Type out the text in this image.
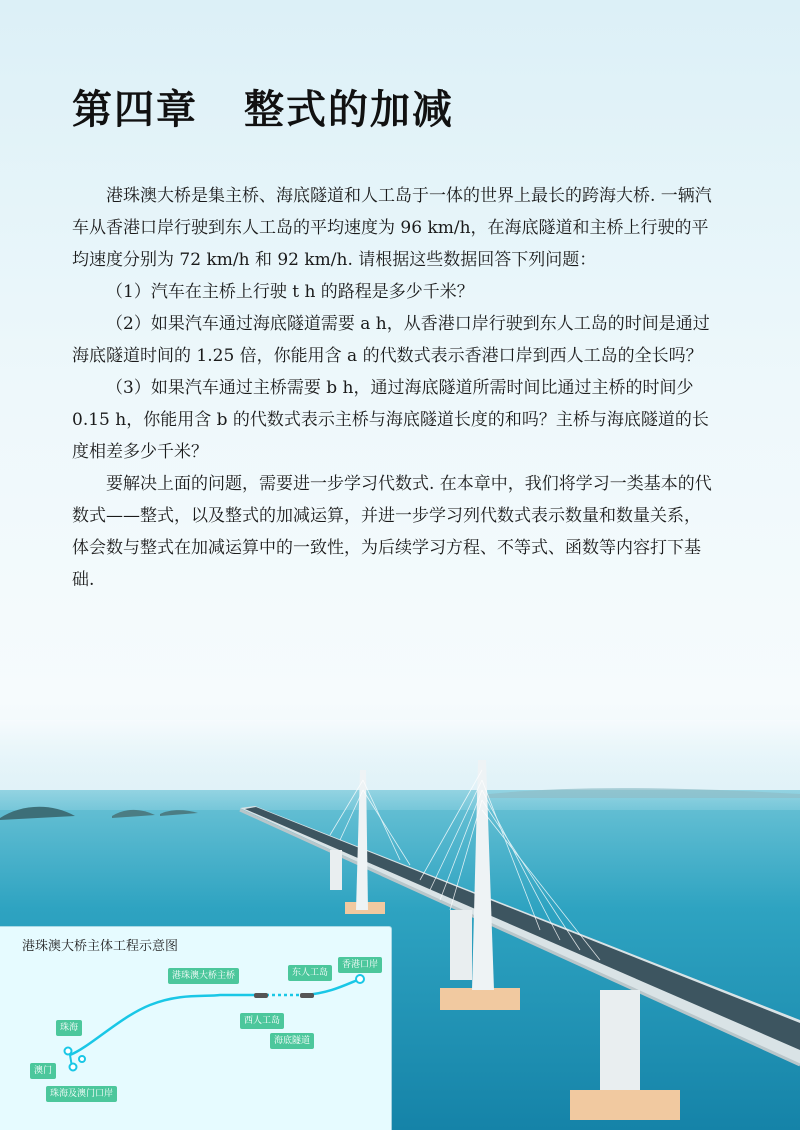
第四章 整式的加减

港珠澳大桥是集主桥、海底隧道和人工岛于一体的世界上最长的跨海大桥. 一辆汽车从香港口岸行驶到东人工岛的平均速度为 96 km/h，在海底隧道和主桥上行驶的平均速度分别为 72 km/h 和 92 km/h. 请根据这些数据回答下列问题：

（1）汽车在主桥上行驶 t h 的路程是多少千米？

（2）如果汽车通过海底隧道需要 a h，从香港口岸行驶到东人工岛的时间是通过海底隧道时间的 1.25 倍，你能用含 a 的代数式表示香港口岸到西人工岛的全长吗？

（3）如果汽车通过主桥需要 b h，通过海底隧道所需时间比通过主桥的时间少 0.15 h，你能用含 b 的代数式表示主桥与海底隧道长度的和吗？主桥与海底隧道的长度相差多少千米？

要解决上面的问题，需要进一步学习代数式. 在本章中，我们将学习一类基本的代数式——整式，以及整式的加减运算，并进一步学习列代数式表示数量和数量关系，体会数与整式在加减运算中的一致性，为后续学习方程、不等式、函数等内容打下基础.

港珠澳大桥主体工程示意图
港珠澳大桥主桥	东人工岛
香港口岸
珠海
西人工岛
澳门
海底隧道
珠海及澳门口岸
